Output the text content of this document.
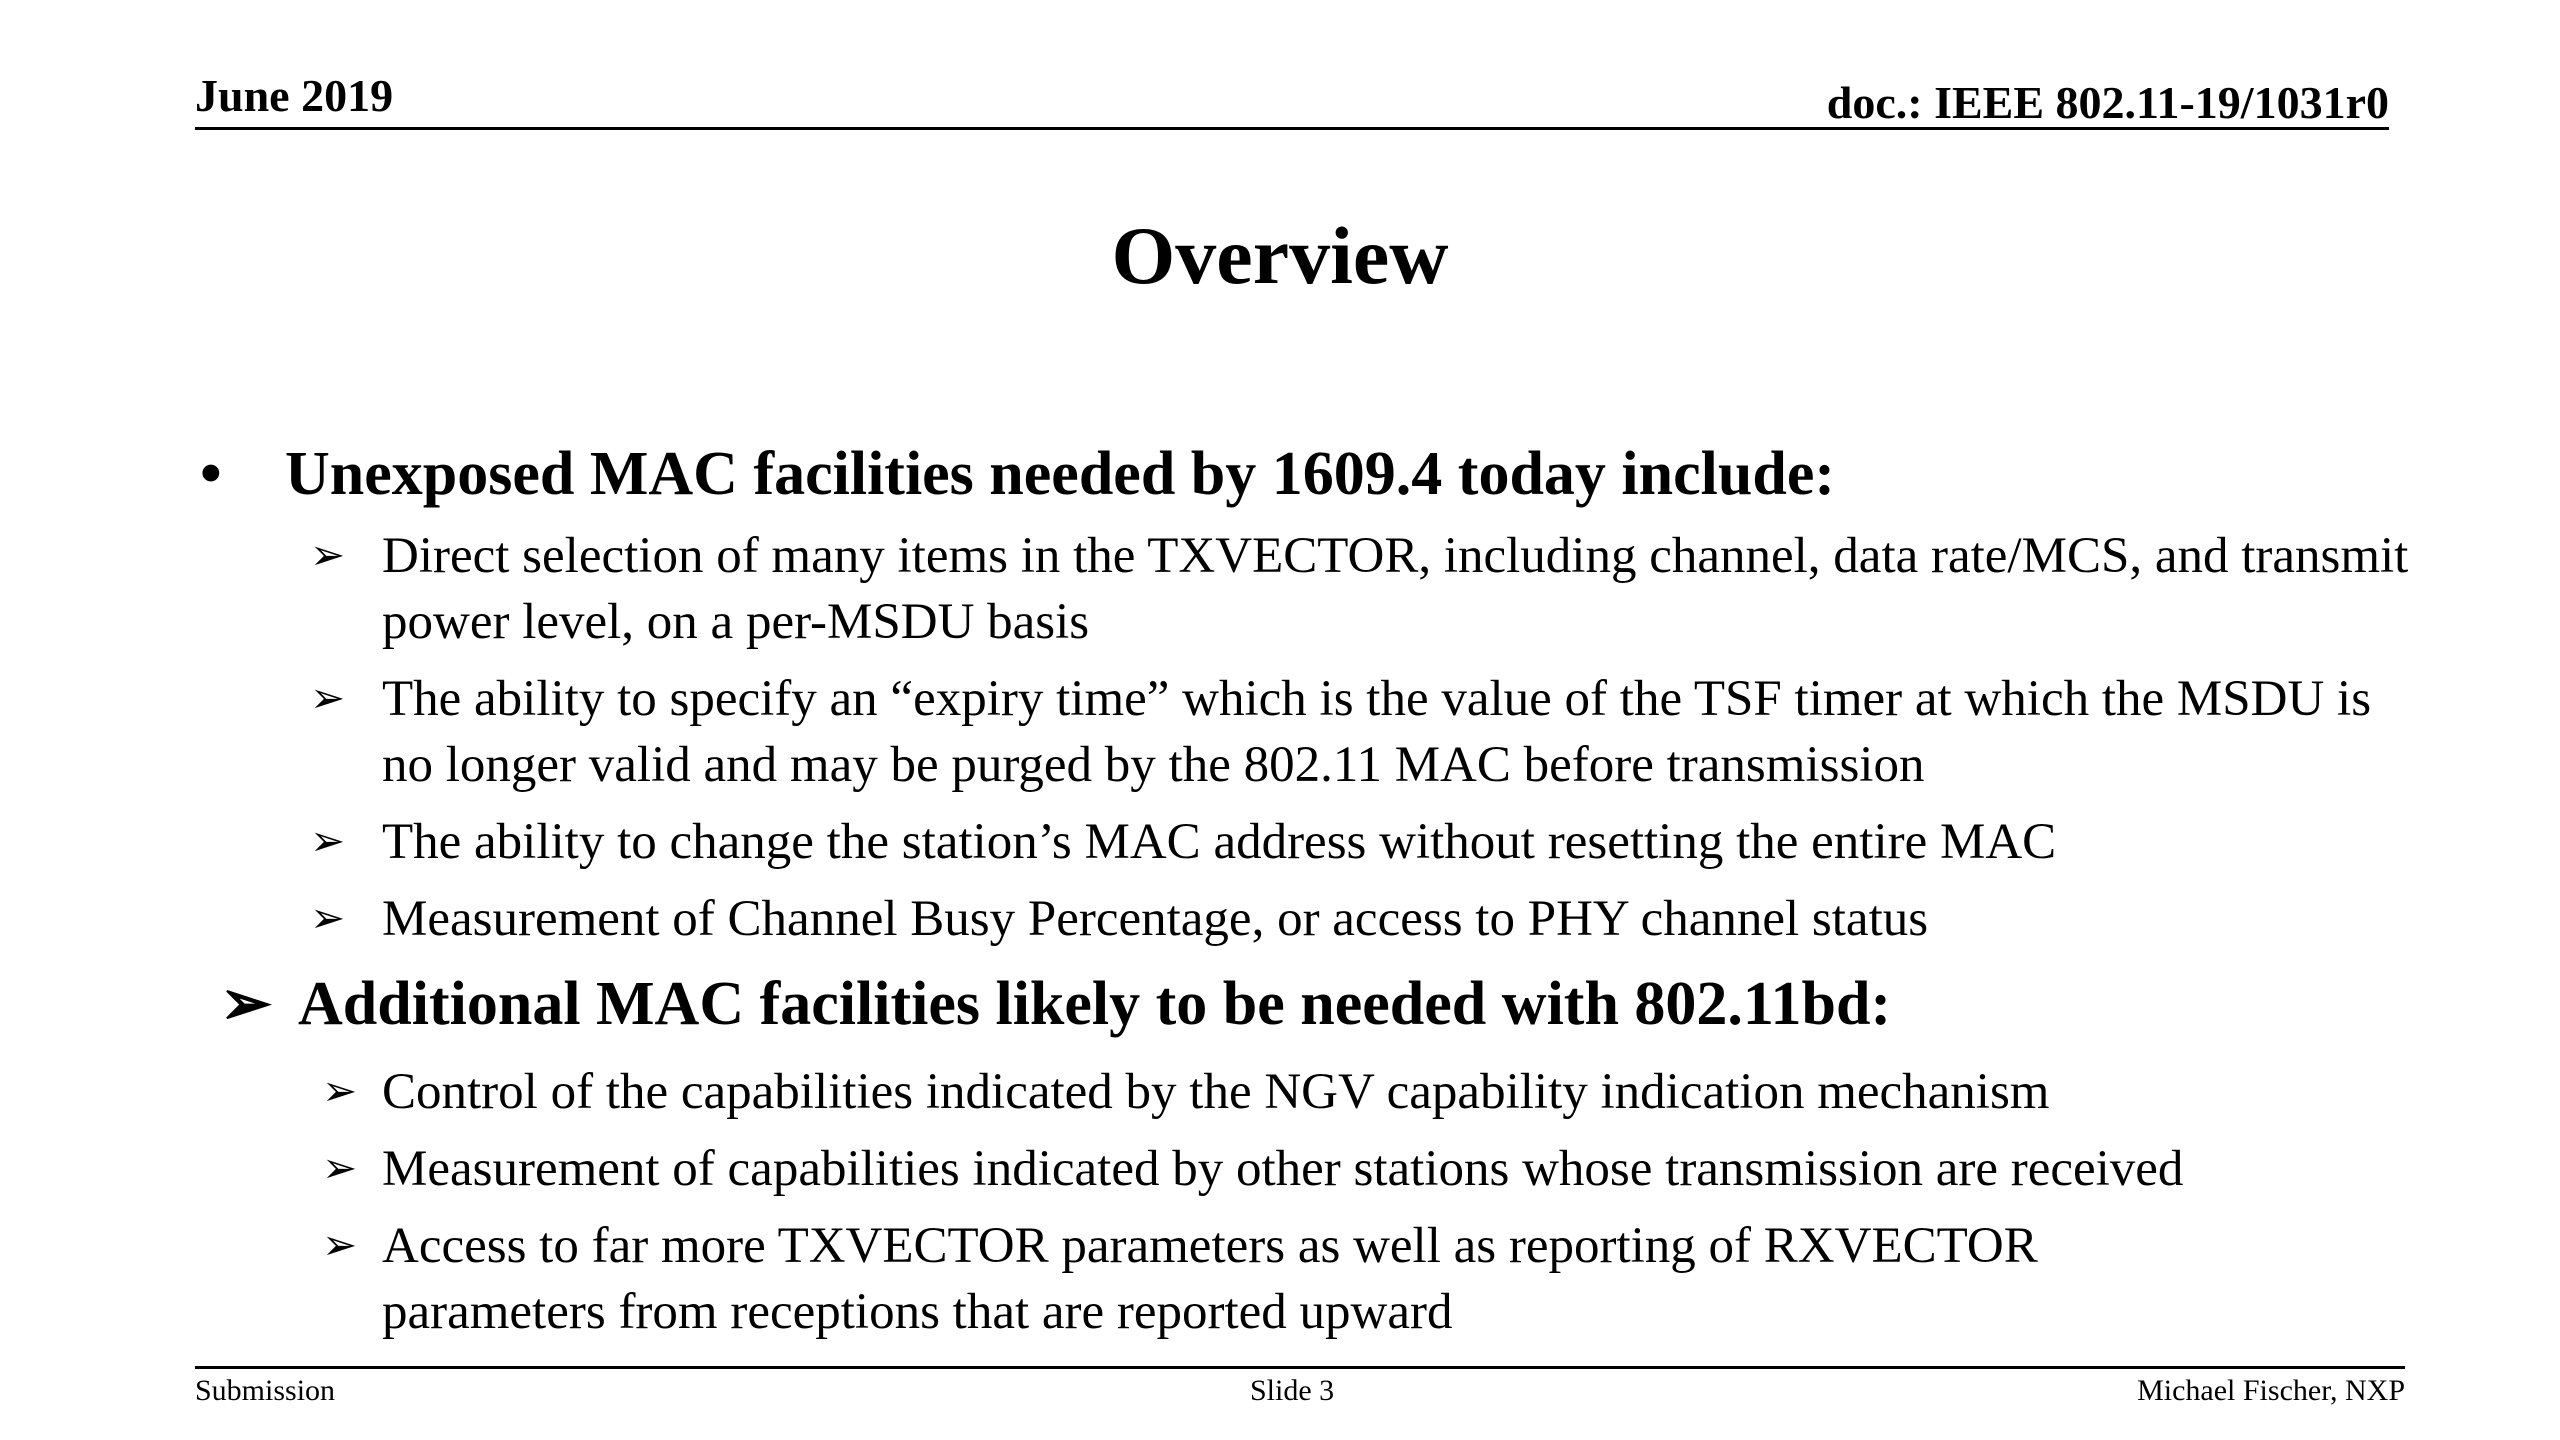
June 2019	doc.: IEEE 802.11-19/1031r0
Overview
• Unexposed MAC facilities needed by 1609.4 today include:
➢ Direct selection of many items in the TXVECTOR, including channel, data rate/MCS, and transmit power level, on a per-MSDU basis
➢ The ability to specify an “expiry time” which is the value of the TSF timer at which the MSDU is no longer valid and may be purged by the 802.11 MAC before transmission
➢ The ability to change the station’s MAC address without resetting the entire MAC
➢ Measurement of Channel Busy Percentage, or access to PHY channel status
➢ Additional MAC facilities likely to be needed with 802.11bd:
➢ Control of the capabilities indicated by the NGV capability indication mechanism
➢ Measurement of capabilities indicated by other stations whose transmission are received
➢ Access to far more TXVECTOR parameters as well as reporting of RXVECTOR parameters from receptions that are reported upward
Submission	Slide 3	Michael Fischer, NXP
